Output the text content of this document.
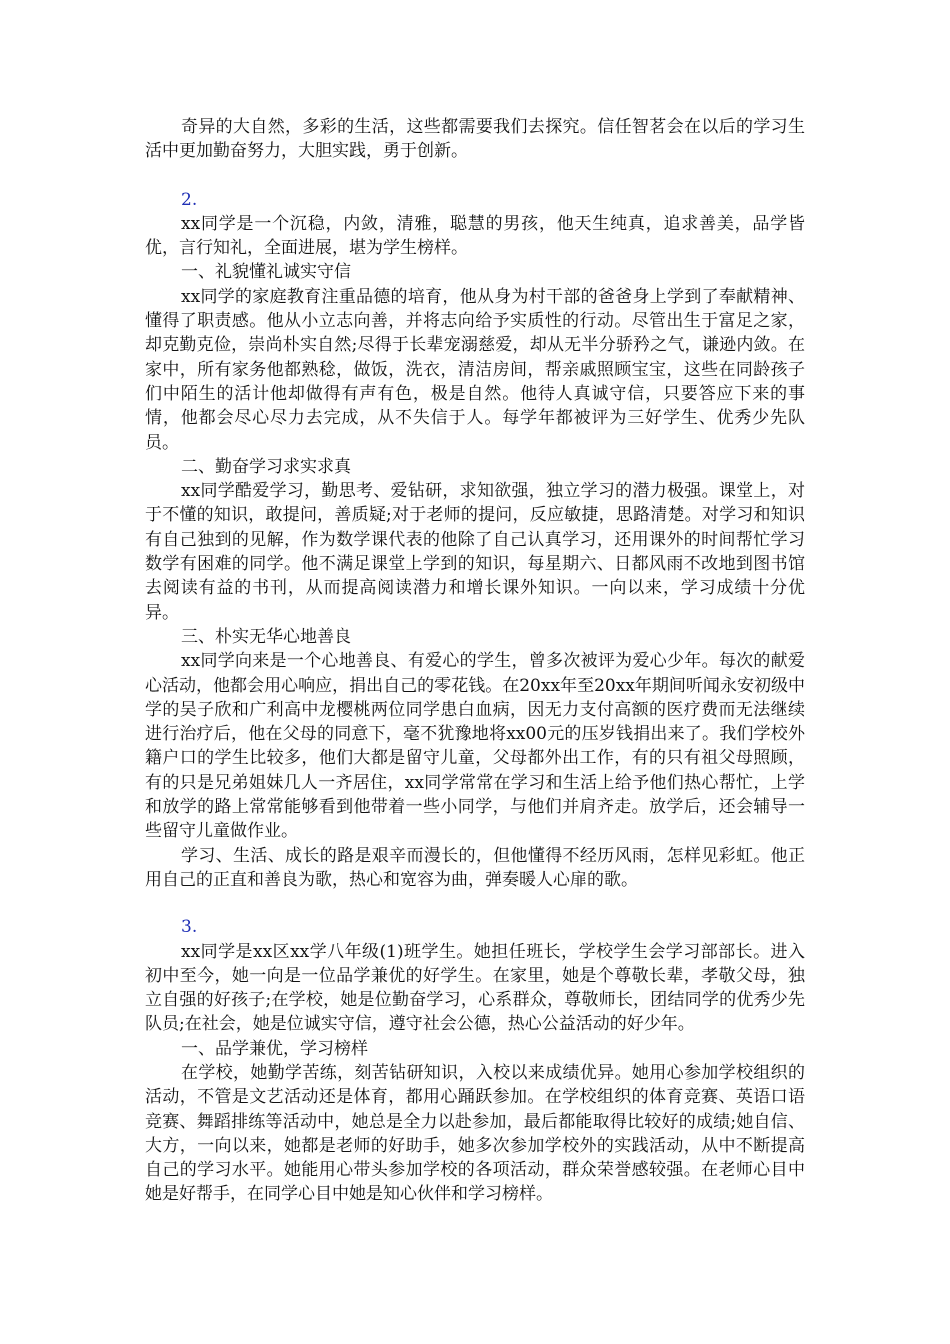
奇异的大自然，多彩的生活，这些都需要我们去探究。信任智茗会在以后的学习生活中更加勤奋努力，大胆实践，勇于创新。

2.

xx同学是一个沉稳，内敛，清雅，聪慧的男孩，他天生纯真，追求善美，品学皆优，言行知礼，全面进展，堪为学生榜样。

一、礼貌懂礼诚实守信

xx同学的家庭教育注重品德的培育，他从身为村干部的爸爸身上学到了奉献精神、懂得了职责感。他从小立志向善，并将志向给予实质性的行动。尽管出生于富足之家，却克勤克俭，崇尚朴实自然;尽得于长辈宠溺慈爱，却从无半分骄矜之气，谦逊内敛。在家中，所有家务他都熟稔，做饭，洗衣，清洁房间，帮亲戚照顾宝宝，这些在同龄孩子们中陌生的活计他却做得有声有色，极是自然。他待人真诚守信，只要答应下来的事情，他都会尽心尽力去完成，从不失信于人。每学年都被评为三好学生、优秀少先队员。

二、勤奋学习求实求真

xx同学酷爱学习，勤思考、爱钻研，求知欲强，独立学习的潜力极强。课堂上，对于不懂的知识，敢提问，善质疑;对于老师的提问，反应敏捷，思路清楚。对学习和知识有自己独到的见解，作为数学课代表的他除了自己认真学习，还用课外的时间帮忙学习数学有困难的同学。他不满足课堂上学到的知识，每星期六、日都风雨不改地到图书馆去阅读有益的书刊，从而提高阅读潜力和增长课外知识。一向以来，学习成绩十分优异。

三、朴实无华心地善良

xx同学向来是一个心地善良、有爱心的学生，曾多次被评为爱心少年。每次的献爱心活动，他都会用心响应，捐出自己的零花钱。在20xx年至20xx年期间听闻永安初级中学的吴子欣和广利高中龙樱桃两位同学患白血病，因无力支付高额的医疗费而无法继续进行治疗后，他在父母的同意下，毫不犹豫地将xx00元的压岁钱捐出来了。我们学校外籍户口的学生比较多，他们大都是留守儿童，父母都外出工作，有的只有祖父母照顾，有的只是兄弟姐妹几人一齐居住，xx同学常常在学习和生活上给予他们热心帮忙，上学和放学的路上常常能够看到他带着一些小同学，与他们并肩齐走。放学后，还会辅导一些留守儿童做作业。

学习、生活、成长的路是艰辛而漫长的，但他懂得不经历风雨，怎样见彩虹。他正用自己的正直和善良为歌，热心和宽容为曲，弹奏暖人心扉的歌。

3.

xx同学是xx区xx学八年级(1)班学生。她担任班长，学校学生会学习部部长。进入初中至今，她一向是一位品学兼优的好学生。在家里，她是个尊敬长辈，孝敬父母，独立自强的好孩子;在学校，她是位勤奋学习，心系群众，尊敬师长，团结同学的优秀少先队员;在社会，她是位诚实守信，遵守社会公德，热心公益活动的好少年。

一、品学兼优，学习榜样

在学校，她勤学苦练，刻苦钻研知识，入校以来成绩优异。她用心参加学校组织的活动，不管是文艺活动还是体育，都用心踊跃参加。在学校组织的体育竞赛、英语口语竞赛、舞蹈排练等活动中，她总是全力以赴参加，最后都能取得比较好的成绩;她自信、大方，一向以来，她都是老师的好助手，她多次参加学校外的实践活动，从中不断提高自己的学习水平。她能用心带头参加学校的各项活动，群众荣誉感较强。在老师心目中她是好帮手，在同学心目中她是知心伙伴和学习榜样。
